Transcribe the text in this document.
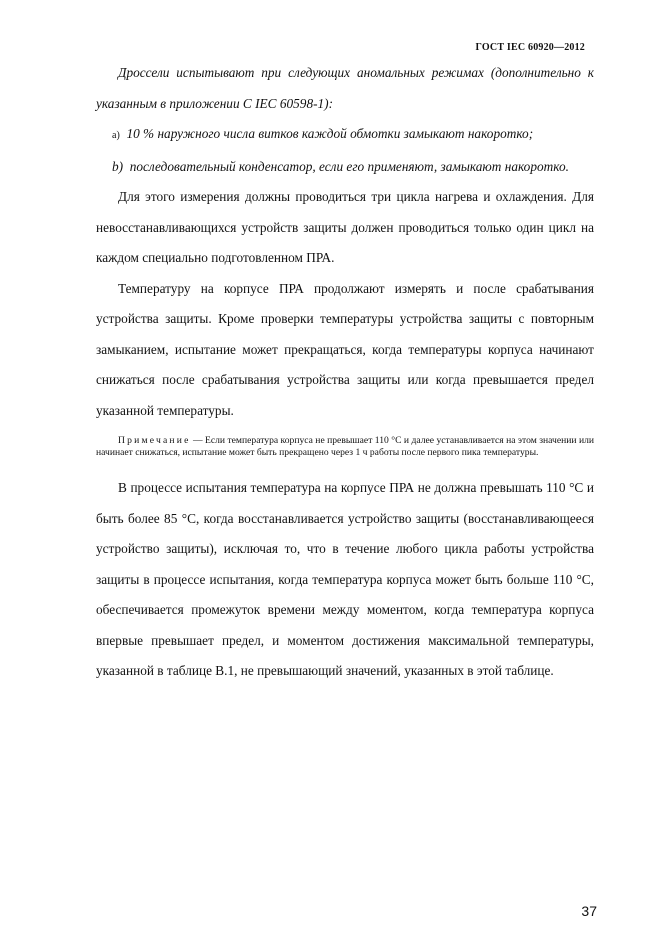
ГОСТ IEC 60920—2012

Дроссели испытывают при следующих аномальных режимах (дополнительно к указанным в приложении С IEC 60598-1):

а) 10 % наружного числа витков каждой обмотки замыкают накоротко;

b) последовательный конденсатор, если его применяют, замыкают накоротко.

Для этого измерения должны проводиться три цикла нагрева и охлаждения. Для невосстанавливающихся устройств защиты должен проводиться только один цикл на каждом специально подготовленном ПРА.

Температуру на корпусе ПРА продолжают измерять и после срабатывания устройства защиты. Кроме проверки температуры устройства защиты с повторным замыканием, испытание может прекращаться, когда температуры корпуса начинают снижаться после срабатывания устройства защиты или когда превышается предел указанной температуры.

Примечание — Если температура корпуса не превышает 110 °С и далее устанавливается на этом значении или начинает снижаться, испытание может быть прекращено через 1 ч работы после первого пика температуры.

В процессе испытания температура на корпусе ПРА не должна превышать 110 °С и быть более 85 °С, когда восстанавливается устройство защиты (восстанавливающееся устройство защиты), исключая то, что в течение любого цикла работы устройства защиты в процессе испытания, когда температура корпуса может быть больше 110 °С, обеспечивается промежуток времени между моментом, когда температура корпуса впервые превышает предел, и моментом достижения максимальной температуры, указанной в таблице В.1, не превышающий значений, указанных в этой таблице.

37
